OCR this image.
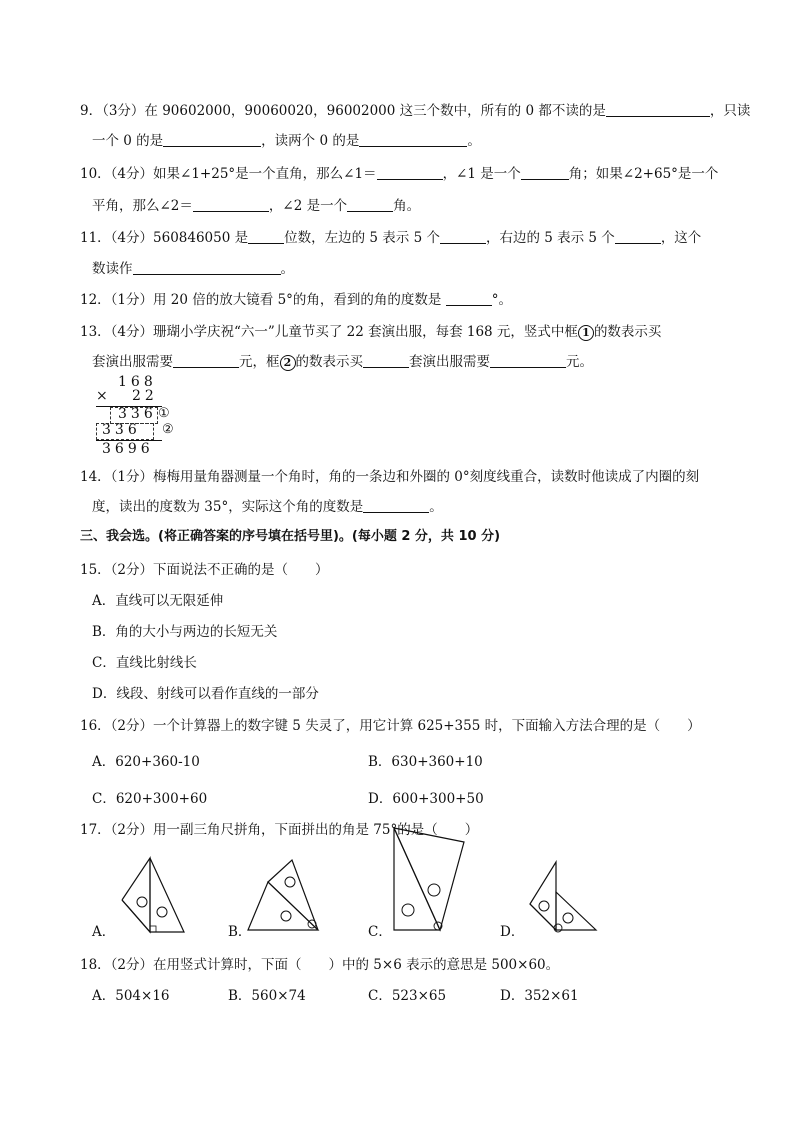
9．（3分）在 90602000，90060020，96002000 这三个数中，所有的 0 都不读的是	，只读
一个 0 的是	，读两个 0 的是	。
10．（4分）如果∠1+25°是一个直角，那么∠1＝	，∠1 是一个	角；如果∠2+65°是一个
平角，那么∠2＝	，∠2 是一个	角。
11．（4分）560846050 是	位数，左边的 5 表示 5 个	，右边的 5 表示 5 个	，这个
数读作	。
12．（1分）用 20 倍的放大镜看 5°的角，看到的角的度数是	°。
13．（4分）珊瑚小学庆祝“六一”儿童节买了 22 套演出服，每套 168 元，竖式中框 1 的数表示买
套演出服需要	元，框 2 的数表示买	套演出服需要	元。
168
× 22
336 ①
336 ②
3696
14．（1分）梅梅用量角器测量一个角时，角的一条边和外圈的 0°刻度线重合，读数时他读成了内圈的刻
度，读出的度数为 35°，实际这个角的度数是	。
三、我会选。(将正确答案的序号填在括号里)。(每小题 2 分，共 10 分)
15．（2分）下面说法不正确的是（　　）
A．直线可以无限延伸
B．角的大小与两边的长短无关
C．直线比射线长
D．线段、射线可以看作直线的一部分
16．（2分）一个计算器上的数字键 5 失灵了，用它计算 625+355 时，下面输入方法合理的是（　　）
A．620+360-10	B．630+360+10
C．620+300+60	D．600+300+50
17．（2分）用一副三角尺拼角，下面拼出的角是 75°的是（　　）
A．	B．	C．	D．
18．（2分）在用竖式计算时，下面（　　）中的 5×6 表示的意思是 500×60。
A．504×16	B．560×74	C．523×65	D．352×61
